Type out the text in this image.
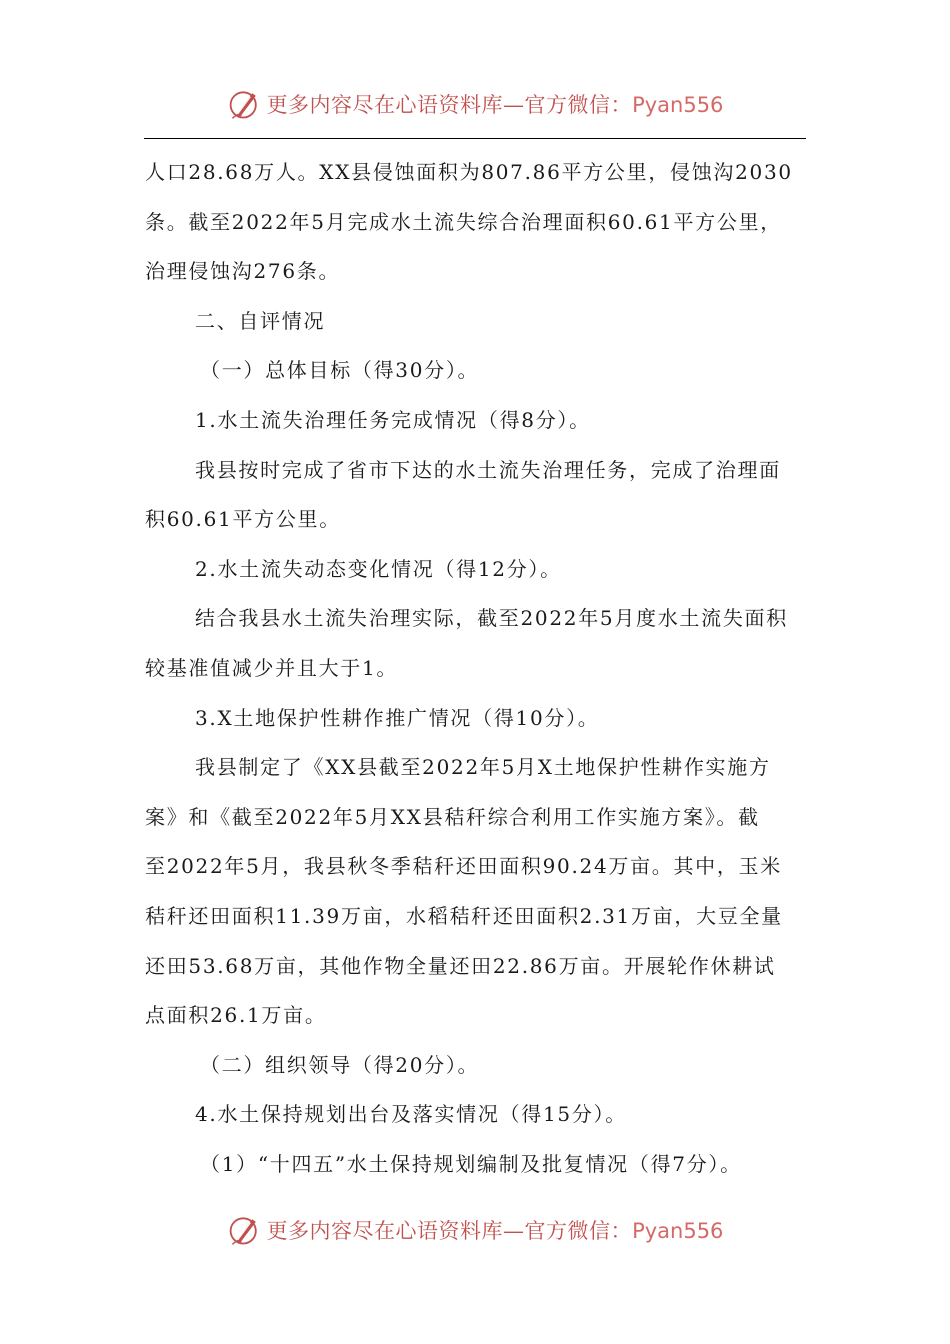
更多内容尽在心语资料库—官方微信：Pyan556

人口28.68万人。XX县侵蚀面积为807.86平方公里，侵蚀沟2030

条。截至2022年5月完成水土流失综合治理面积60.61平方公里，

治理侵蚀沟276条。

二、自评情况

（一）总体目标（得30分）。

1.水土流失治理任务完成情况（得8分）。

我县按时完成了省市下达的水土流失治理任务，完成了治理面

积60.61平方公里。

2.水土流失动态变化情况（得12分）。

结合我县水土流失治理实际，截至2022年5月度水土流失面积

较基准值减少并且大于1。

3.X土地保护性耕作推广情况（得10分）。

我县制定了《XX县截至2022年5月X土地保护性耕作实施方

案》和《截至2022年5月XX县秸秆综合利用工作实施方案》。截

至2022年5月，我县秋冬季秸秆还田面积90.24万亩。其中，玉米

秸秆还田面积11.39万亩，水稻秸秆还田面积2.31万亩，大豆全量

还田53.68万亩，其他作物全量还田22.86万亩。开展轮作休耕试

点面积26.1万亩。

（二）组织领导（得20分）。

4.水土保持规划出台及落实情况（得15分）。

（1）“十四五”水土保持规划编制及批复情况（得7分）。

更多内容尽在心语资料库—官方微信：Pyan556
